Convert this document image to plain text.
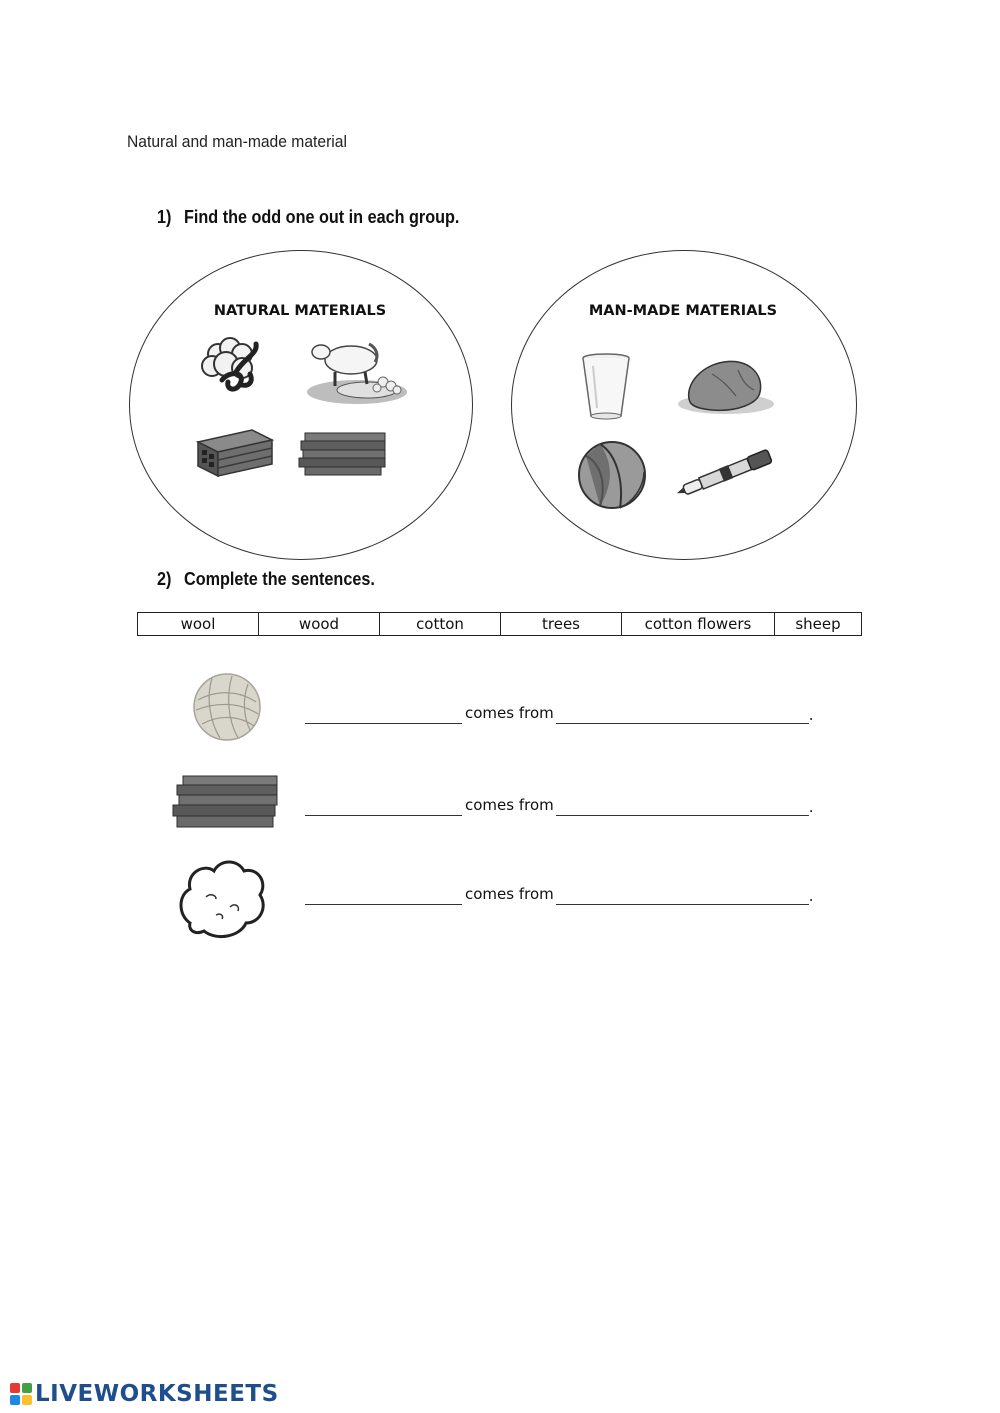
Natural and man-made material
1) Find the odd one out in each group.
NATURAL MATERIALS	MAN-MADE MATERIALS
2) Complete the sentences.
wool	wood	cotton	trees	cotton flowers	sheep
comes from	.
comes from	.
comes from	.
LIVEWORKSHEETS
